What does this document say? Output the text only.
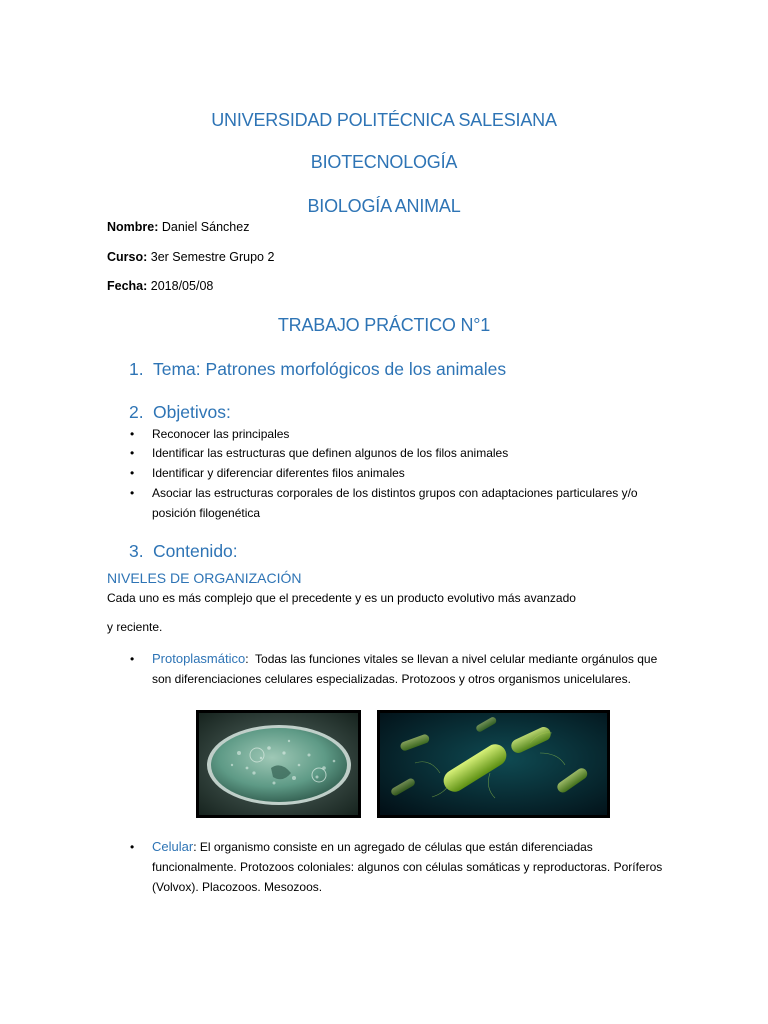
UNIVERSIDAD POLITÉCNICA SALESIANA
BIOTECNOLOGÍA
BIOLOGÍA ANIMAL
Nombre: Daniel Sánchez
Curso: 3er Semestre Grupo 2
Fecha: 2018/05/08
TRABAJO PRÁCTICO N°1
1. Tema: Patrones morfológicos de los animales
2. Objetivos:
• Reconocer las principales
• Identificar las estructuras que definen algunos de los filos animales
• Identificar y diferenciar diferentes filos animales
• Asociar las estructuras corporales de los distintos grupos con adaptaciones particulares y/o posición filogenética
3. Contenido:
NIVELES DE ORGANIZACIÓN
Cada uno es más complejo que el precedente y es un producto evolutivo más avanzado
y reciente.
• Protoplasmático: Todas las funciones vitales se llevan a nivel celular mediante orgánulos que son diferenciaciones celulares especializadas. Protozoos y otros organismos unicelulares.
• Celular: El organismo consiste en un agregado de células que están diferenciadas funcionalmente. Protozoos coloniales: algunos con células somáticas y reproductoras. Poríferos (Volvox). Placozoos. Mesozoos.
